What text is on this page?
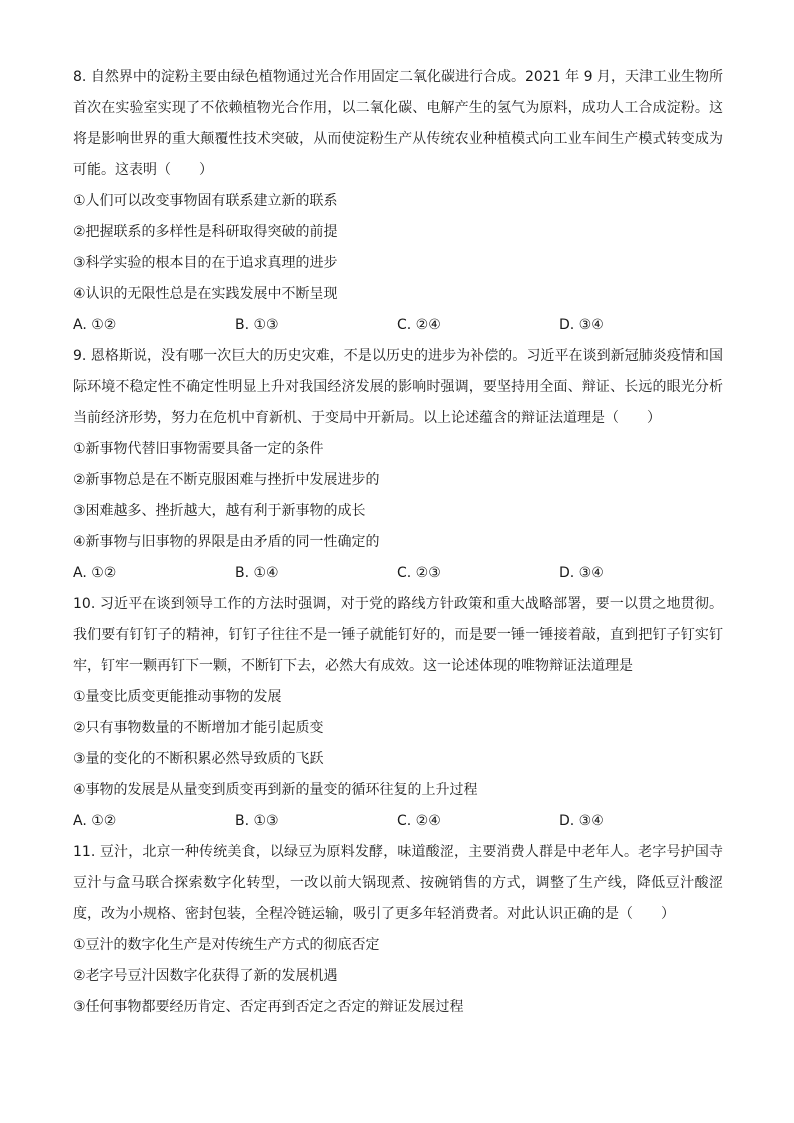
8. 自然界中的淀粉主要由绿色植物通过光合作用固定二氧化碳进行合成。2021 年 9 月，天津工业生物所首次在实验室实现了不依赖植物光合作用，以二氧化碳、电解产生的氢气为原料，成功人工合成淀粉。这将是影响世界的重大颠覆性技术突破，从而使淀粉生产从传统农业种植模式向工业车间生产模式转变成为可能。这表明（　　）

①人们可以改变事物固有联系建立新的联系

②把握联系的多样性是科研取得突破的前提

③科学实验的根本目的在于追求真理的进步

④认识的无限性总是在实践发展中不断呈现

A. ①②	B. ①③	C. ②④	D. ③④

9. 恩格斯说，没有哪一次巨大的历史灾难，不是以历史的进步为补偿的。习近平在谈到新冠肺炎疫情和国际环境不稳定性不确定性明显上升对我国经济发展的影响时强调，要坚持用全面、辩证、长远的眼光分析当前经济形势，努力在危机中育新机、于变局中开新局。以上论述蕴含的辩证法道理是（　　）

①新事物代替旧事物需要具备一定的条件

②新事物总是在不断克服困难与挫折中发展进步的

③困难越多、挫折越大，越有利于新事物的成长

④新事物与旧事物的界限是由矛盾的同一性确定的

A. ①②	B. ①④	C. ②③	D. ③④

10. 习近平在谈到领导工作的方法时强调，对于党的路线方针政策和重大战略部署，要一以贯之地贯彻。我们要有钉钉子的精神，钉钉子往往不是一锤子就能钉好的，而是要一锤一锤接着敲，直到把钉子钉实钉牢，钉牢一颗再钉下一颗，不断钉下去，必然大有成效。这一论述体现的唯物辩证法道理是

①量变比质变更能推动事物的发展

②只有事物数量的不断增加才能引起质变

③量的变化的不断积累必然导致质的飞跃

④事物的发展是从量变到质变再到新的量变的循环往复的上升过程

A. ①②	B. ①③	C. ②④	D. ③④

11. 豆汁，北京一种传统美食，以绿豆为原料发酵，味道酸涩，主要消费人群是中老年人。老字号护国寺豆汁与盒马联合探索数字化转型，一改以前大锅现煮、按碗销售的方式，调整了生产线，降低豆汁酸涩度，改为小规格、密封包装，全程冷链运输，吸引了更多年轻消费者。对此认识正确的是（　　）

①豆汁的数字化生产是对传统生产方式的彻底否定

②老字号豆汁因数字化获得了新的发展机遇

③任何事物都要经历肯定、否定再到否定之否定的辩证发展过程
